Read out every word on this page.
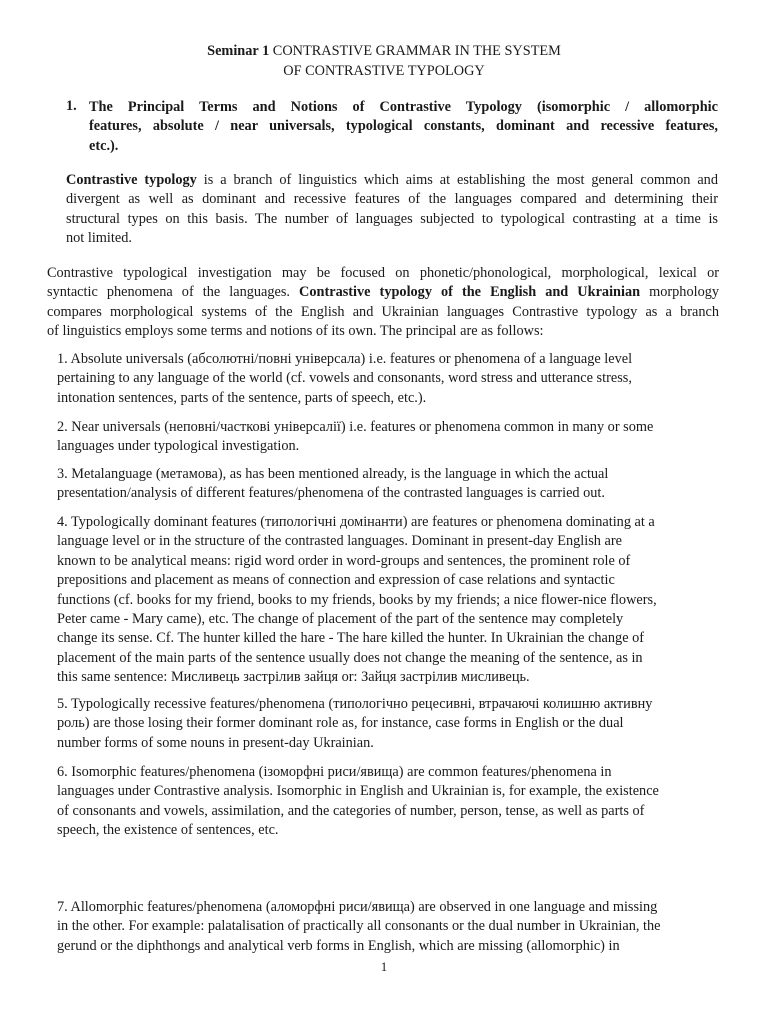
Seminar 1 CONTRASTIVE GRAMMAR IN THE SYSTEM
OF CONTRASTIVE TYPOLOGY
1. The Principal Terms and Notions of Contrastive Typology (isomorphic / allomorphic
features, absolute / near universals, typological constants, dominant and recessive features,
etc.).
Contrastive typology is a branch of linguistics which aims at establishing the most general common and
divergent as well as dominant and recessive features of the languages compared and determining their
structural types on this basis. The number of languages subjected to typological contrasting at a time is
not limited.
Contrastive typological investigation may be focused on phonetic/phonological, morphological, lexical or
syntactic phenomena of the languages. Contrastive typology of the English and Ukrainian morphology
compares morphological systems of the English and Ukrainian languages Contrastive typology as a branch
of linguistics employs some terms and notions of its own. The principal are as follows:
1. Absolute universals (абсолютні/повні універсала) i.e. features or phenomena of a language level
pertaining to any language of the world (cf. vowels and consonants, word stress and utterance stress,
intonation sentences, parts of the sentence, parts of speech, etc.).
2. Near universals (неповні/часткові універсалії) i.e. features or phenomena common in many or some
languages under typological investigation.
3. Metalanguage (метамова), as has been mentioned already, is the language in which the actual
presentation/analysis of different features/phenomena of the contrasted languages is carried out.
4. Typologically dominant features (типологічні домінанти) are features or phenomena dominating at a
language level or in the structure of the contrasted languages. Dominant in present-day English are
known to be analytical means: rigid word order in word-groups and sentences, the prominent role of
prepositions and placement as means of connection and expression of case relations and syntactic
functions (cf. books for my friend, books to my friends, books by my friends; a nice flower-nice flowers,
Peter came - Mary came), etc. The change of placement of the part of the sentence may completely
change its sense. Cf. The hunter killed the hare - The hare killed the hunter. In Ukrainian the change of
placement of the main parts of the sentence usually does not change the meaning of the sentence, as in
this same sentence: Мисливець застрілив зайця or: Зайця застрілив мисливець.
5. Typologically recessive features/phenomena (типологічно рецесивні, втрачаючі колишню активну
роль) are those losing their former dominant role as, for instance, case forms in English or the dual
number forms of some nouns in present-day Ukrainian.
6. Isomorphic features/phenomena (ізоморфні риси/явища) are common features/phenomena in
languages under Contrastive analysis. Isomorphic in English and Ukrainian is, for example, the existence
of consonants and vowels, assimilation, and the categories of number, person, tense, as well as parts of
speech, the existence of sentences, etc.
7. Allomorphic features/phenomena (аломорфні риси/явища) are observed in one language and missing
in the other. For example: palatalisation of practically all consonants or the dual number in Ukrainian, the
gerund or the diphthongs and analytical verb forms in English, which are missing (allomorphic) in
1
